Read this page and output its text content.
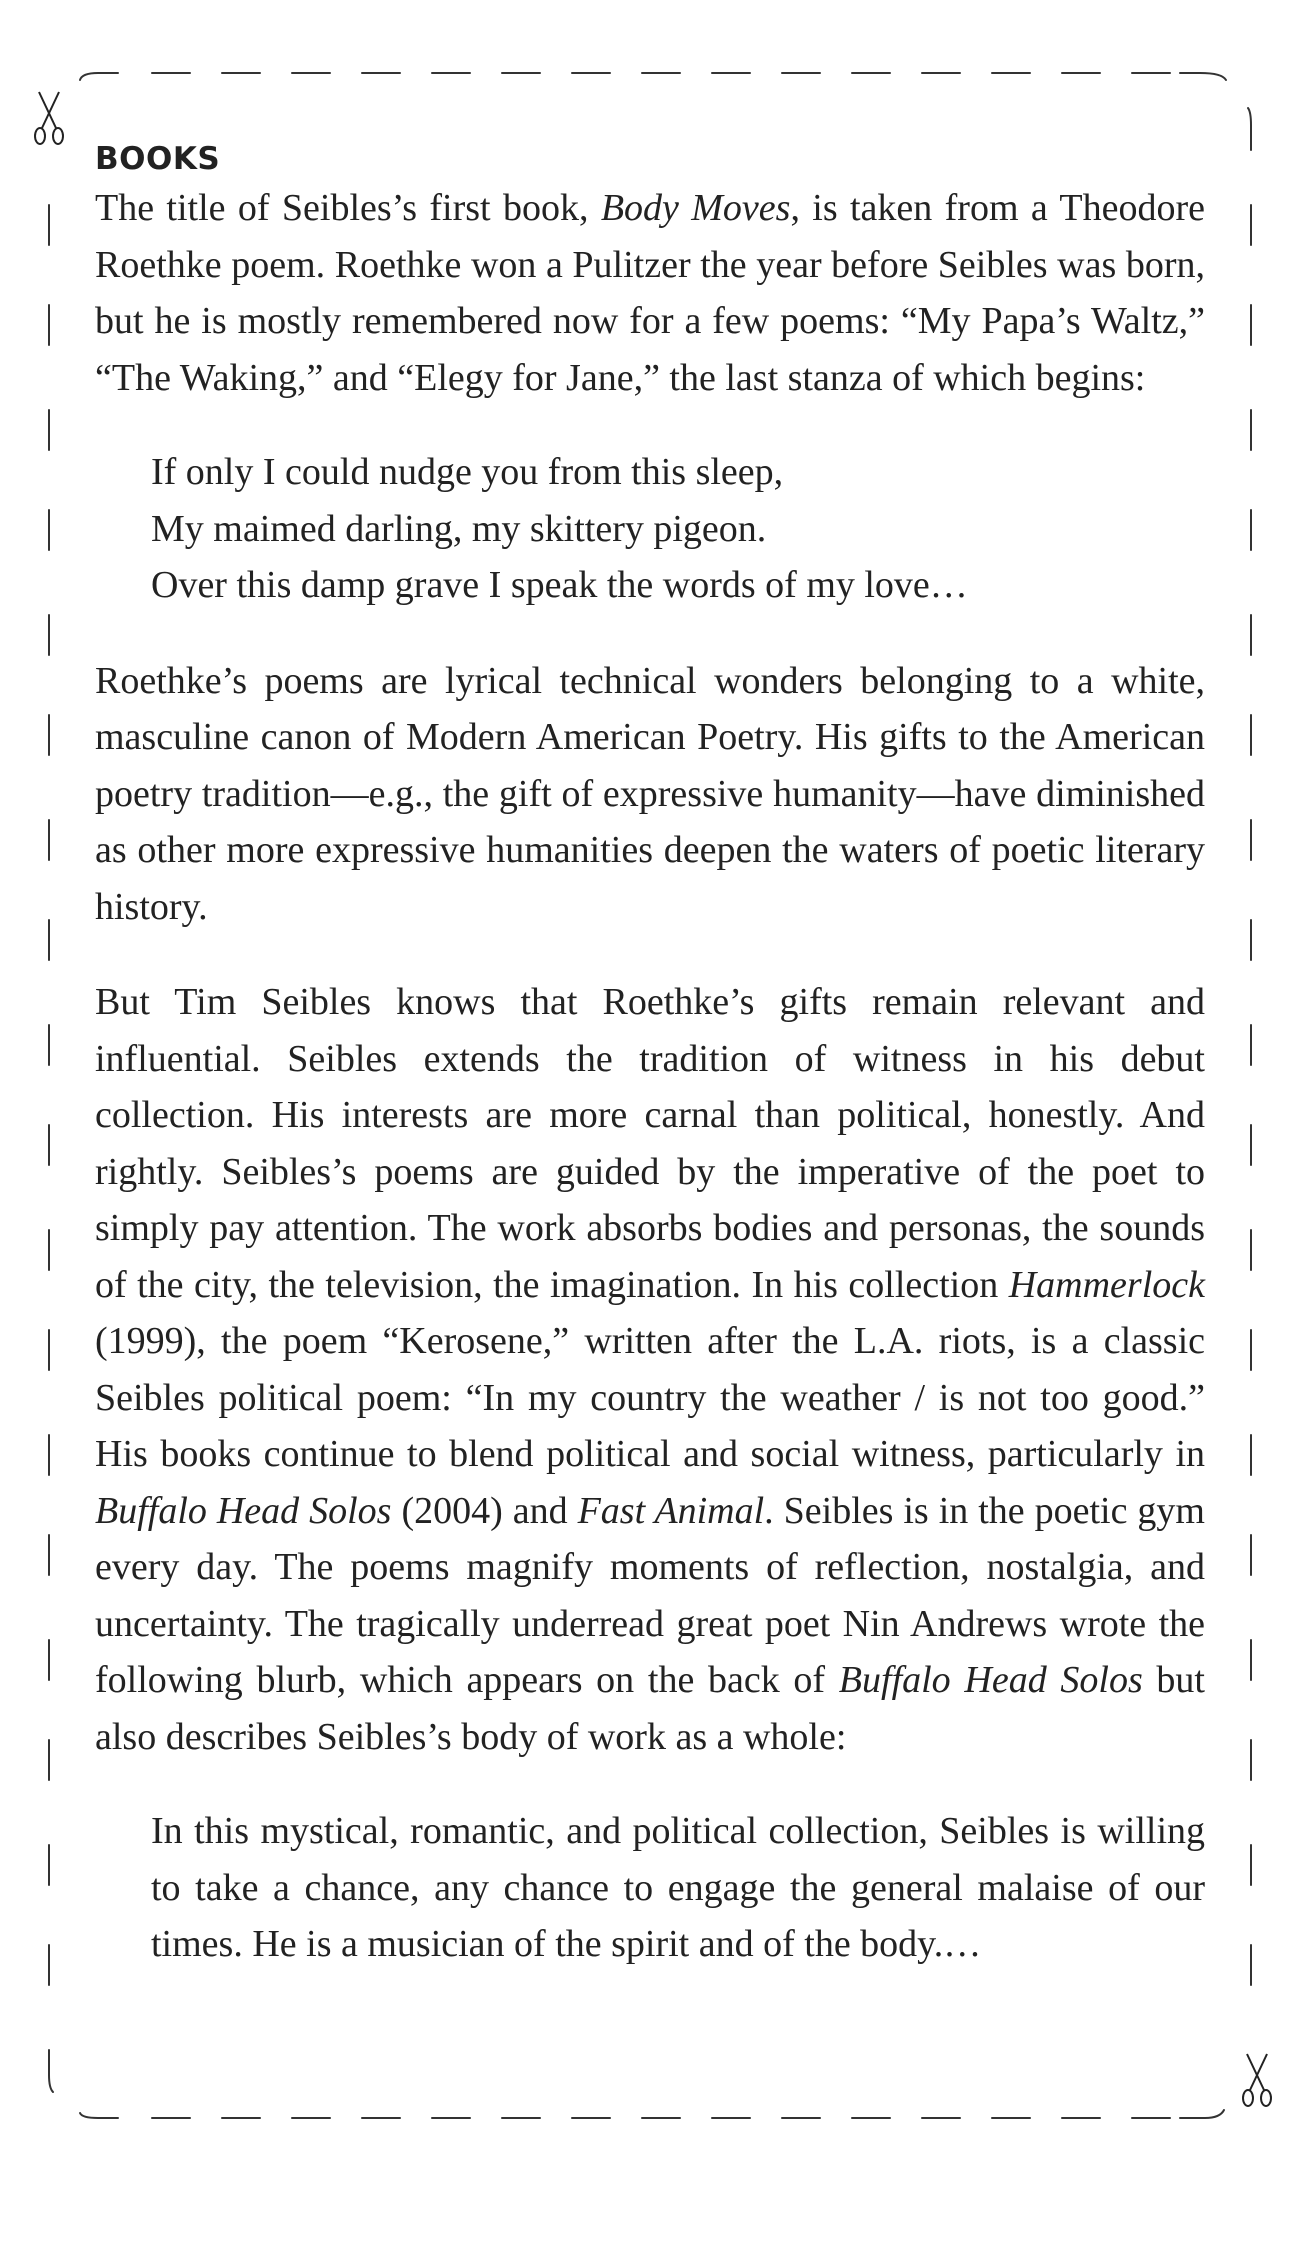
BOOKS

The title of Seibles’s first book, Body Moves, is taken from a Theodore Roethke poem. Roethke won a Pulitzer the year before Seibles was born, but he is mostly remembered now for a few poems: “My Papa’s Waltz,” “The Waking,” and “Elegy for Jane,” the last stanza of which begins:

If only I could nudge you from this sleep,
My maimed darling, my skittery pigeon.
Over this damp grave I speak the words of my love…

Roethke’s poems are lyrical technical wonders belonging to a white, masculine canon of Modern American Poetry. His gifts to the American poetry tradition—e.g., the gift of expressive humanity—have diminished as other more expressive humanities deepen the waters of poetic literary history.

But Tim Seibles knows that Roethke’s gifts remain relevant and influential. Seibles extends the tradition of witness in his debut collection. His interests are more carnal than political, honestly. And rightly. Seibles’s poems are guided by the imperative of the poet to simply pay attention. The work absorbs bodies and personas, the sounds of the city, the television, the imagination. In his collection Hammerlock (1999), the poem “Kerosene,” written after the L.A. riots, is a classic Seibles political poem: “In my country the weather / is not too good.” His books continue to blend political and social witness, particularly in Buffalo Head Solos (2004) and Fast Animal. Seibles is in the poetic gym every day. The poems magnify moments of reflection, nostalgia, and uncertainty. The tragically underread great poet Nin Andrews wrote the following blurb, which appears on the back of Buffalo Head Solos but also describes Seibles’s body of work as a whole:

In this mystical, romantic, and political collection, Seibles is willing to take a chance, any chance to engage the general malaise of our times. He is a musician of the spirit and of the body.…
